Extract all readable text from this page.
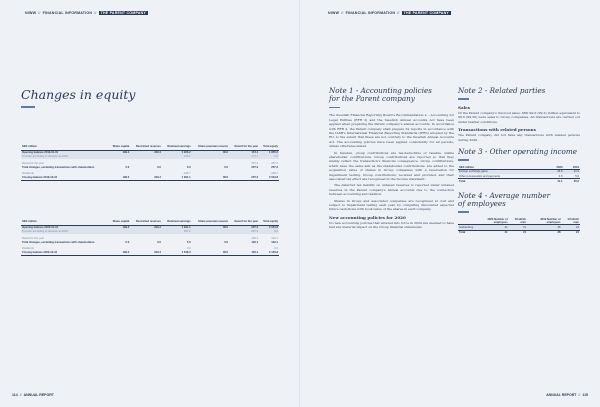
NIWW // FINANCIAL INFORMATION // THE PARENT COMPANY
Changes in equity
SEK million	Share capital	Restricted reserves	Retained earnings	Share premium reserve	Result for the year	Total equity
Opening balance 2019-01-01	199.0	249.4	1 226.2	48.0	173.1	1 955.2
Transfer according to decision at AGM			173.1		-173.1	0.0

Result for the year					257.2	257.2
Total changes, excluding transactions with shareholders	0.0	0.0	0.0	0.0	257.2	257.2

Dividends			-108.7			-108.7
Closing balance 2019-12-31	199.0	249.4	1 291.1	48.0	257.2	2 043.8
SEK million	Share capital	Restricted reserves	Retained earnings	Share premium reserve	Result for the year	Total equity
Opening balance 2020-01-01	199.0	249.4	1 291.1	48.0	257.2	2 043.8
Transfer according to decision at AGM			257.2		-257.2	0.0

Result for the year					102.1	102.1
Total changes, excluding transactions with shareholders	0.0	0.0	0.0	0.0	102.1	102.1

Dividends			0.0			0.0
Closing balance 2020-12-31	199.0	249.4	1 548.3	48.0	102.1	2 146.8
114 // ANNUAL REPORT
NIWW // FINANCIAL INFORMATION // THE PARENT COMPANY

Note 1 - Accounting policies
for the Parent company

The Swedish Financial Reporting Board's Recommendation 2 – Accounting for Legal Entities (RFR 2) and the Swedish Annual Accounts Act have been applied when preparing the Parent company's annual accounts. In accordance with RFR 2, the Parent company shall prepare its reports in accordance with the IASB's International Financial Reporting Standards (IFRS) adopted by the EU, to the extent that these are not contrary to the Swedish Annual Accounts Act. The accounting policies have been applied consistently for all periods, unless otherwise stated.

In Sweden, group contributions are tax-deductible or taxable, unlike shareholder contributions. Group contributions are reported so that they mainly reflect the transaction's financial consequence. Group contributions, which have the same aim as the shareholder contributions, are added to the acquisition value of shares in Group companies with a reservation for impairment testing. Group contributions, received and provided, and their associated tax effect are recognised in the income statement.

The deferred tax liability on untaxed reserves is reported under untaxed reserves in the Parent company's annual accounts due to the connection between accounting and taxation.

Shares in Group and associated companies are recognised at cost and subject to impairment testing each year, by comparing discounted expected future cash-flows with book value of the shares in each company.

New accounting policies for 2020

No new accounting policies that entered into force in 2020 are deemed to have had any material impact on the Group financial statements.

Note 2 - Related parties

Sales

Of the Parent company's invoiced sales, SEK 99.0 (99.2) million equivalent to 99.6 (99.30) were sales to Group companies. All transactions are carried out under market conditions.

Transactions with related persons

The Parent company did not have any transactions with related persons during 2020.

Note 3 - Other operating income

SEK million	2020	2019
Foreign exchange gains	36.6	21.9
Other remuneration and payments	4.5	5.0
Total	41.1	26.9

Note 4 - Average number
of employees

	2020 Number of employees	Of which men	2019 Number of employees	Of which men
Gothenburg	41	21	38	24
Total	41	21	38	24
ANNUAL REPORT // 115
